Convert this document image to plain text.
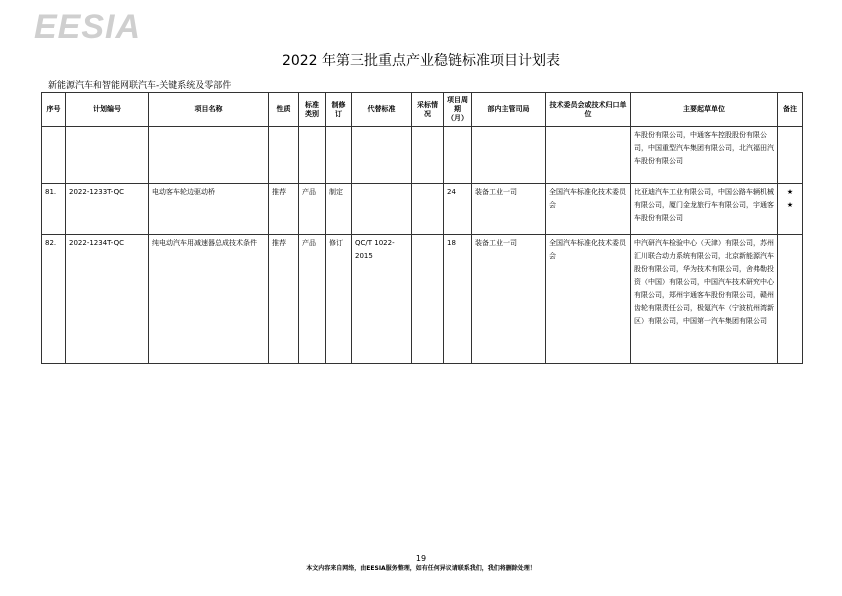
EESIA
2022 年第三批重点产业稳链标准项目计划表
新能源汽车和智能网联汽车-关键系统及零部件
序号	计划编号	项目名称	性质	标准类别	制修订	代替标准	采标情况	项目周期（月）	部内主管司局	技术委员会或技术归口单位	主要起草单位	备注
											车股份有限公司，中通客车控股股份有限公司，中国重型汽车集团有限公司，北汽福田汽车股份有限公司	
81.	2022-1233T-QC	电动客车轮边驱动桥	推荐	产品	制定			24	装备工业一司	全国汽车标准化技术委员会	比亚迪汽车工业有限公司，中国公路车辆机械有限公司，厦门金龙旅行车有限公司，宇通客车股份有限公司	★
★
82.	2022-1234T-QC	纯电动汽车用减速器总成技术条件	推荐	产品	修订	QC/T 1022-2015		18	装备工业一司	全国汽车标准化技术委员会	中汽研汽车检验中心（天津）有限公司，苏州汇川联合动力系统有限公司，北京新能源汽车股份有限公司，华为技术有限公司，舍弗勒投资（中国）有限公司，中国汽车技术研究中心有限公司，郑州宇通客车股份有限公司，赣州齿轮有限责任公司，极氪汽车（宁波杭州湾新区）有限公司，中国第一汽车集团有限公司	
19
本文内容来自网络，由EESIA服务整理，如有任何异议请联系我们，我们将删除处理！
